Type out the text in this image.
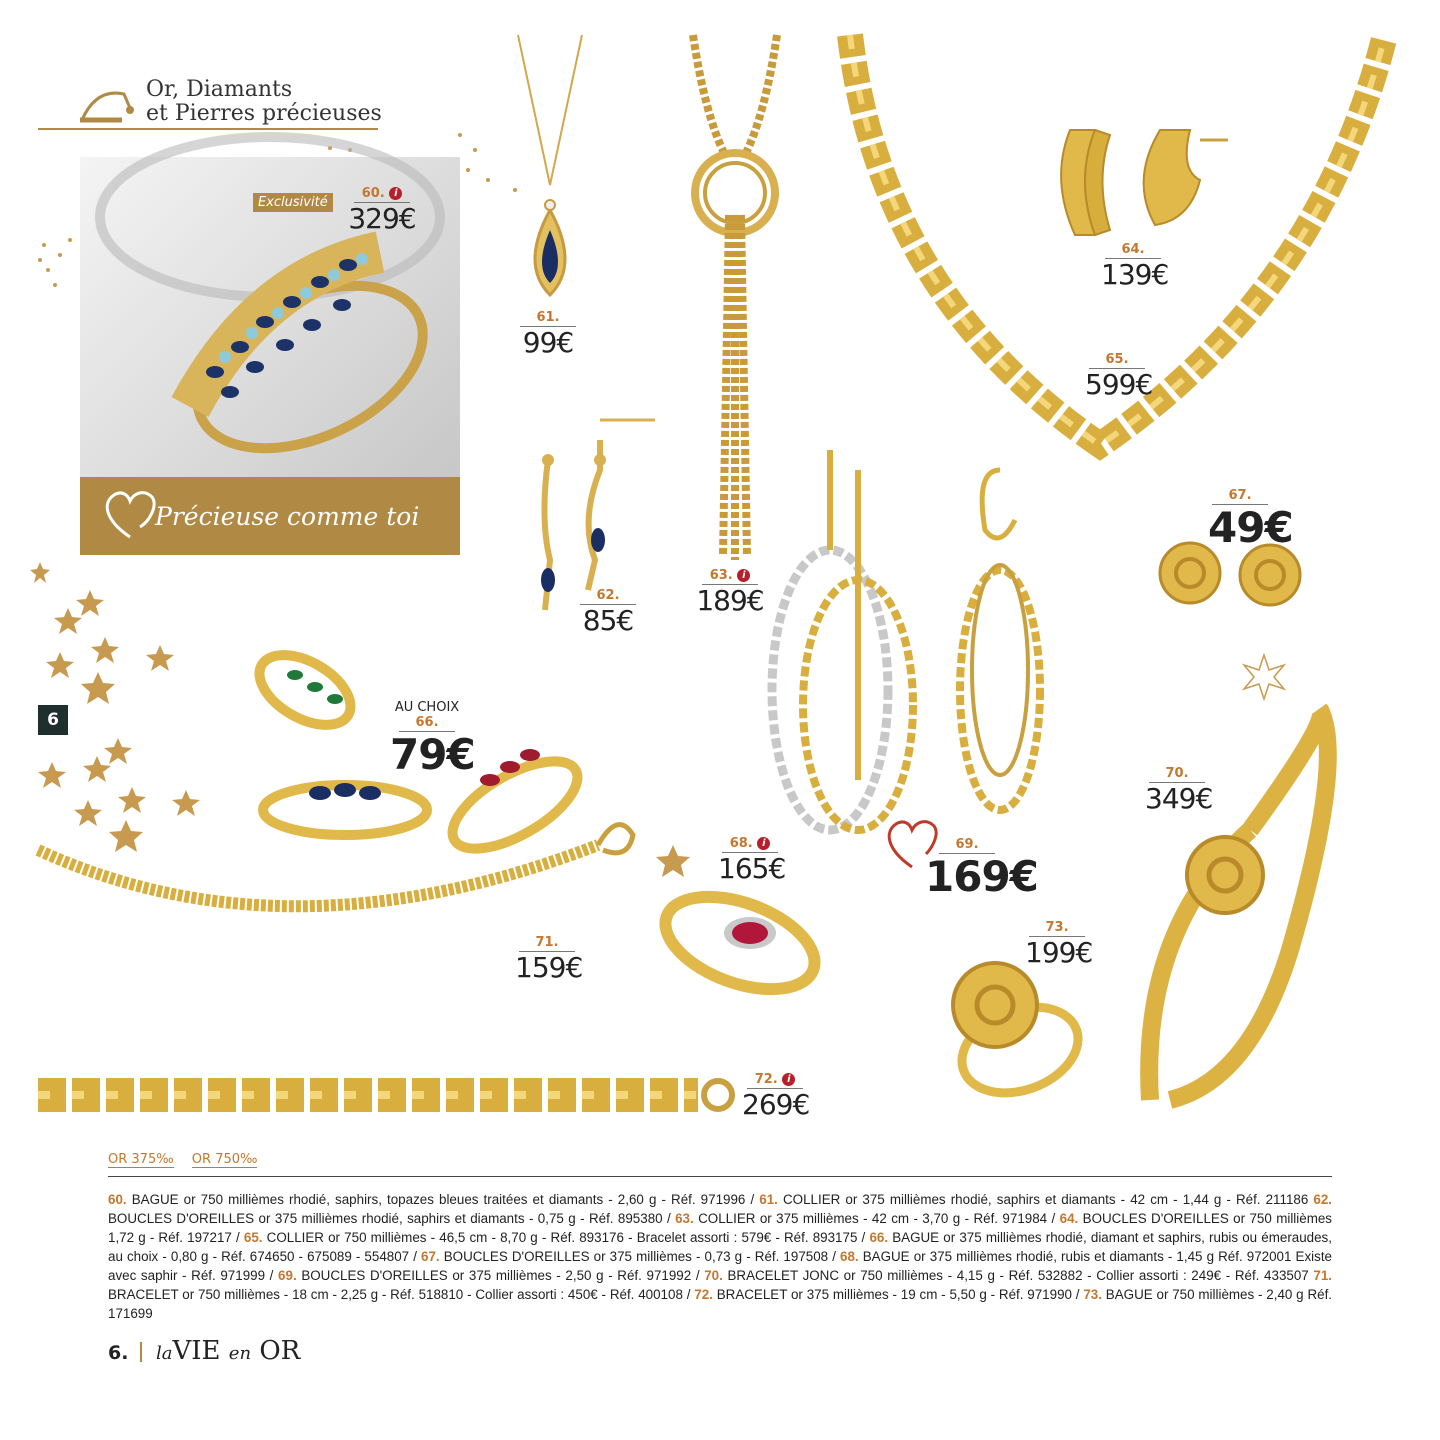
Or, Diamants
et Pierres précieuses
Exclusivité
60. i
329€
Précieuse comme toi
61.
99€
62.
85€
63. i
189€
65.
599€
64.
139€
67.
49€
69.
169€
AU CHOIX
66.
79€
71.
159€
68. i
165€
70.
349€
73.
199€
72. i
269€
6
OR 375‰ OR 750‰
60. BAGUE or 750 millièmes rhodié, saphirs, topazes bleues traitées et diamants - 2,60 g - Réf. 971996 / 61. COLLIER or 375 millièmes rhodié, saphirs et diamants - 42 cm - 1,44 g - Réf. 211186 62. BOUCLES D'OREILLES or 375 millièmes rhodié, saphirs et diamants - 0,75 g - Réf. 895380 / 63. COLLIER or 375 millièmes - 42 cm - 3,70 g - Réf. 971984 / 64. BOUCLES D'OREILLES or 750 millièmes 1,72 g - Réf. 197217 / 65. COLLIER or 750 millièmes - 46,5 cm - 8,70 g - Réf. 893176 - Bracelet assorti : 579€ - Réf. 893175 / 66. BAGUE or 375 millièmes rhodié, diamant et saphirs, rubis ou émeraudes, au choix - 0,80 g - Réf. 674650 - 675089 - 554807 / 67. BOUCLES D'OREILLES or 375 millièmes - 0,73 g - Réf. 197508 / 68. BAGUE or 375 millièmes rhodié, rubis et diamants - 1,45 g Réf. 972001 Existe avec saphir - Réf. 971999 / 69. BOUCLES D'OREILLES or 375 millièmes - 2,50 g - Réf. 971992 / 70. BRACELET JONC or 750 millièmes - 4,15 g - Réf. 532882 - Collier assorti : 249€ - Réf. 433507 71. BRACELET or 750 millièmes - 18 cm - 2,25 g - Réf. 518810 - Collier assorti : 450€ - Réf. 400108 / 72. BRACELET or 375 millièmes - 19 cm - 5,50 g - Réf. 971990 / 73. BAGUE or 750 millièmes - 2,40 g Réf. 171699
6. laVIE en OR
